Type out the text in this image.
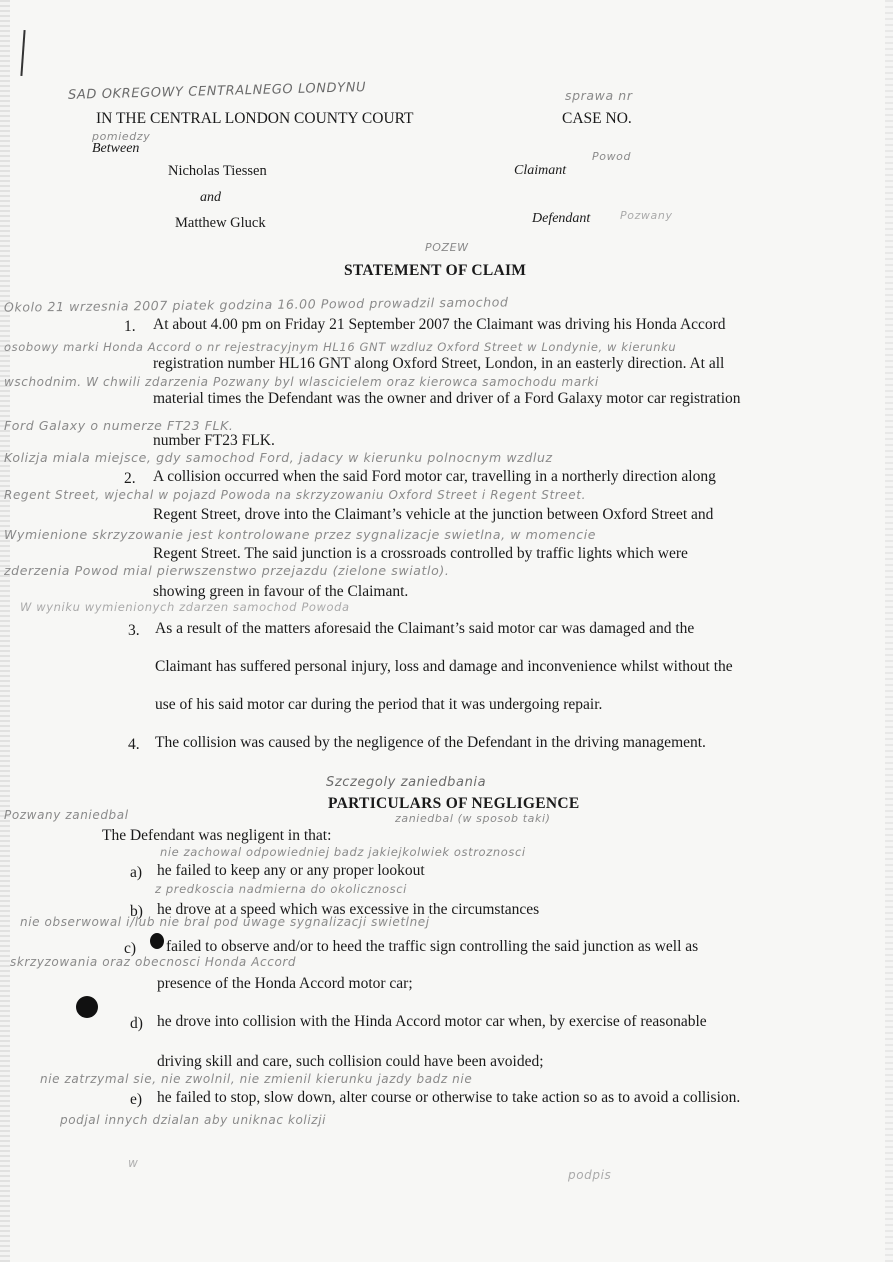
SAD OKREGOWY CENTRALNEGO LONDYNU
IN THE CENTRAL LONDON COUNTY COURT
sprawa nr
CASE NO.
pomiedzy
Between
Nicholas Tiessen	Claimant
Powod
and
Matthew Gluck	Defendant	Pozwany
POZEW
STATEMENT OF CLAIM
Okolo 21 wrzesnia 2007 piatek godzina 16.00 Powod prowadzil samochod
1. At about 4.00 pm on Friday 21 September 2007 the Claimant was driving his Honda Accord
osobowy marki Honda Accord o nr rejestracyjnym HL16 GNT wzdluz Oxford Street w Londynie, w kierunku
registration number HL16 GNT along Oxford Street, London, in an easterly direction. At all
wschodnim. W chwili zdarzenia Pozwany byl wlascicielem oraz kierowca samochodu marki
material times the Defendant was the owner and driver of a Ford Galaxy motor car registration
Ford Galaxy o numerze FT23 FLK.
number FT23 FLK.
Kolizja miala miejsce, gdy samochod Ford, jadacy w kierunku polnocnym wzdluz
2. A collision occurred when the said Ford motor car, travelling in a northerly direction along
Regent Street, wjechal w pojazd Powoda na skrzyzowaniu Oxford Street i Regent Street.
Regent Street, drove into the Claimant’s vehicle at the junction between Oxford Street and
Wymienione skrzyzowanie jest kontrolowane przez sygnalizacje swietlna, w momencie
Regent Street. The said junction is a crossroads controlled by traffic lights which were
zderzenia Powod mial pierwszenstwo przejazdu (zielone swiatlo).
showing green in favour of the Claimant.
W wyniku wymienionych zdarzen samochod Powoda
3. As a result of the matters aforesaid the Claimant’s said motor car was damaged and the
Claimant has suffered personal injury, loss and damage and inconvenience whilst without the
use of his said motor car during the period that it was undergoing repair.
4. The collision was caused by the negligence of the Defendant in the driving management.
Szczegoly zaniedbania
PARTICULARS OF NEGLIGENCE
Pozwany zaniedbal	zaniedbal (w sposob taki)
The Defendant was negligent in that:
nie zachowal odpowiedniej badz jakiejkolwiek ostroznosci
a) he failed to keep any or any proper lookout
z predkoscia nadmierna do okolicznosci
b) he drove at a speed which was excessive in the circumstances
nie obserwowal i/lub nie bral pod uwage sygnalizacji swietlnej
c) failed to observe and/or to heed the traffic sign controlling the said junction as well as
skrzyzowania oraz obecnosci Honda Accord
presence of the Honda Accord motor car;
d) he drove into collision with the Hinda Accord motor car when, by exercise of reasonable
driving skill and care, such collision could have been avoided;
nie zatrzymal sie, nie zwolnil, nie zmienil kierunku jazdy badz nie
e) he failed to stop, slow down, alter course or otherwise to take action so as to avoid a collision.
podjal innych dzialan aby uniknac kolizji
w
podpis
